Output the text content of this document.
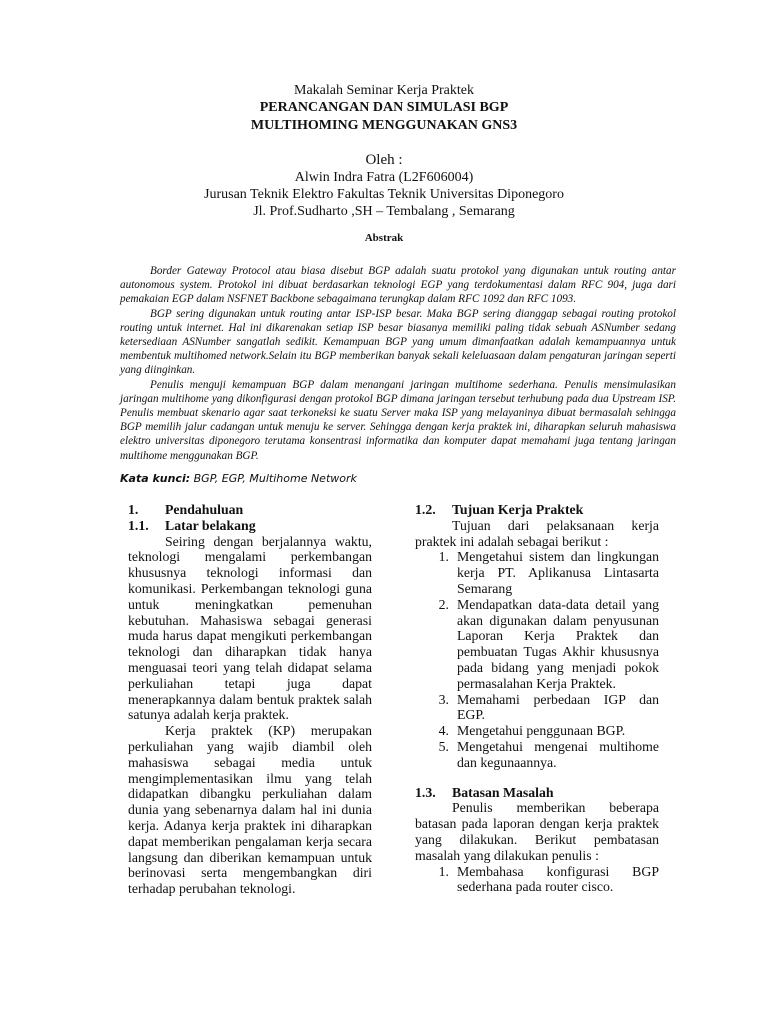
Makalah Seminar Kerja Praktek

PERANCANGAN DAN SIMULASI BGP

MULTIHOMING MENGGUNAKAN GNS3

Oleh :

Alwin Indra Fatra (L2F606004)

Jurusan Teknik Elektro Fakultas Teknik Universitas Diponegoro

Jl. Prof.Sudharto ,SH – Tembalang , Semarang

Abstrak

Border Gateway Protocol atau biasa disebut BGP adalah suatu protokol yang digunakan untuk routing antar autonomous system. Protokol ini dibuat berdasarkan teknologi EGP yang terdokumentasi dalam RFC 904, juga dari pemakaian EGP dalam NSFNET Backbone sebagaimana terungkap dalam RFC 1092 dan RFC 1093.

BGP sering digunakan untuk routing antar ISP-ISP besar. Maka BGP sering dianggap sebagai routing protokol routing untuk internet. Hal ini dikarenakan setiap ISP besar biasanya memiliki paling tidak sebuah ASNumber sedang ketersediaan ASNumber sangatlah sedikit. Kemampuan BGP yang umum dimanfaatkan adalah kemampuannya untuk membentuk multihomed network.Selain itu BGP memberikan banyak sekali keleluasaan dalam pengaturan jaringan seperti yang diinginkan.

Penulis menguji kemampuan BGP dalam menangani jaringan multihome sederhana. Penulis mensimulasikan jaringan multihome yang dikonfigurasi dengan protokol BGP dimana jaringan tersebut terhubung pada dua Upstream ISP. Penulis membuat skenario agar saat terkoneksi ke suatu Server maka ISP yang melayaninya dibuat bermasalah sehingga BGP memilih jalur cadangan untuk menuju ke server. Sehingga dengan kerja praktek ini, diharapkan seluruh mahasiswa elektro universitas diponegoro terutama konsentrasi informatika dan komputer dapat memahami juga tentang jaringan multihome menggunakan BGP.

Kata kunci: BGP, EGP, Multihome Network
1.	Pendahuluan
1.1.	Latar belakang

Seiring dengan berjalannya waktu, teknologi mengalami perkembangan khususnya teknologi informasi dan komunikasi. Perkembangan teknologi guna untuk meningkatkan pemenuhan kebutuhan. Mahasiswa sebagai generasi muda harus dapat mengikuti perkembangan teknologi dan diharapkan tidak hanya menguasai teori yang telah didapat selama perkuliahan tetapi juga dapat menerapkannya dalam bentuk praktek salah satunya adalah kerja praktek.

Kerja praktek (KP) merupakan perkuliahan yang wajib diambil oleh mahasiswa sebagai media untuk mengimplementasikan ilmu yang telah didapatkan dibangku perkuliahan dalam dunia yang sebenarnya dalam hal ini dunia kerja. Adanya kerja praktek ini diharapkan dapat memberikan pengalaman kerja secara langsung dan diberikan kemampuan untuk berinovasi serta mengembangkan diri terhadap perubahan teknologi.

1.2.	Tujuan Kerja Praktek

Tujuan dari pelaksanaan kerja praktek ini adalah sebagai berikut :

1. Mengetahui sistem dan lingkungan kerja PT. Aplikanusa Lintasarta Semarang
2. Mendapatkan data-data detail yang akan digunakan dalam penyusunan Laporan Kerja Praktek dan pembuatan Tugas Akhir khususnya pada bidang yang menjadi pokok permasalahan Kerja Praktek.
3. Memahami perbedaan IGP dan EGP.
4. Mengetahui penggunaan BGP.
5. Mengetahui mengenai multihome dan kegunaannya.
1.3.	Batasan Masalah

Penulis memberikan beberapa batasan pada laporan dengan kerja praktek yang dilakukan. Berikut pembatasan masalah yang dilakukan penulis :

1. Membahasa konfigurasi BGP sederhana pada router cisco.
